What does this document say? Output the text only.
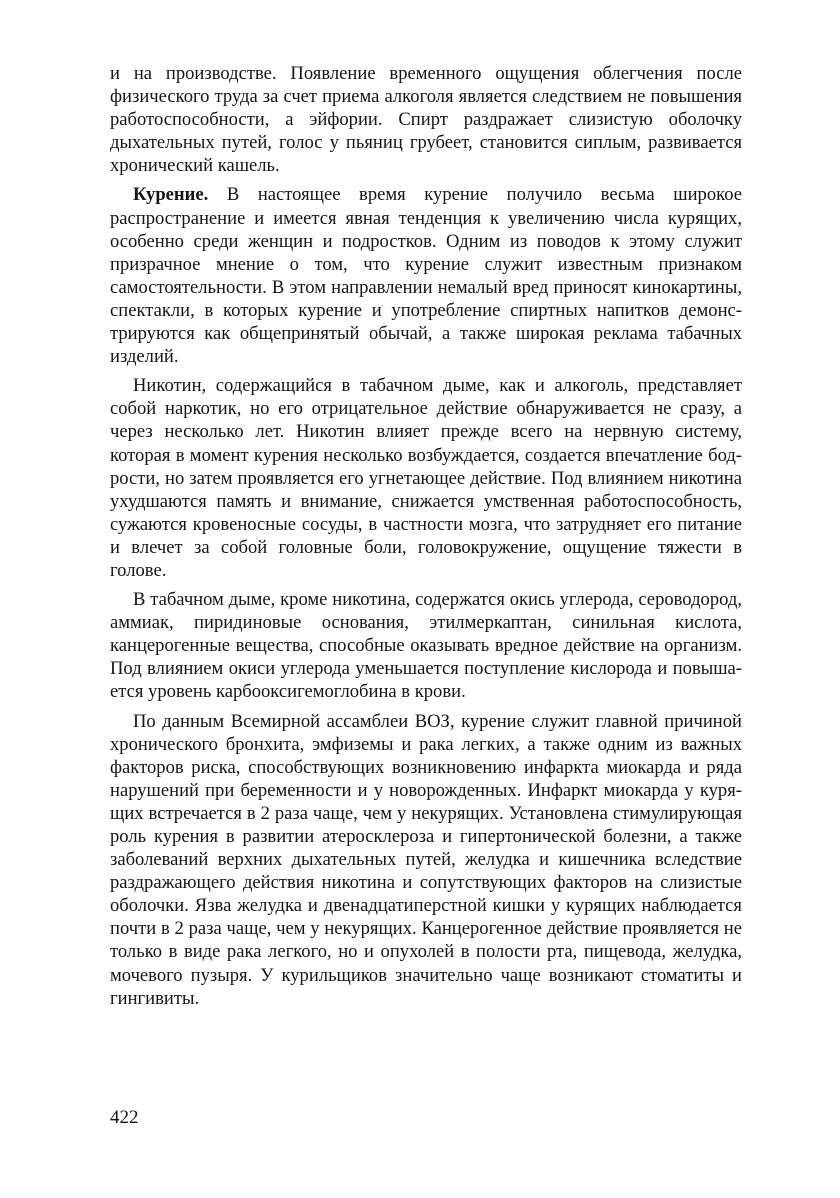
и на производстве. Появление временного ощущения облегчения после физического труда за счет приема алкоголя является следствием не повышения работоспособности, а эйфории. Спирт раздражает слизистую оболочку дыхательных путей, голос у пьяниц грубеет, становится сиплым, развивается хронический кашель.

Курение. В настоящее время курение получило весьма широкое распространение и имеется явная тенденция к увеличению числа курящих, особенно среди женщин и подростков. Одним из поводов к этому служит призрачное мнение о том, что курение служит известным признаком самостоятельности. В этом направлении немалый вред приносят кинокартины, спектакли, в которых курение и употребление спиртных напитков демонстрируются как общепринятый обычай, а также широкая реклама табачных изделий.

Никотин, содержащийся в табачном дыме, как и алкоголь, представляет собой наркотик, но его отрицательное действие обнаруживается не сразу, а через несколько лет. Никотин влияет прежде всего на нервную систему, которая в момент курения несколько возбуждается, создается впечатление бодрости, но затем проявляется его угнетающее действие. Под влиянием никотина ухудшаются память и внимание, снижается умственная работоспособность, сужаются кровеносные сосуды, в частности мозга, что затрудняет его питание и влечет за собой головные боли, головокружение, ощущение тяжести в голове.

В табачном дыме, кроме никотина, содержатся окись углерода, сероводород, аммиак, пиридиновые основания, этилмеркаптан, синильная кислота, канцерогенные вещества, способные оказывать вредное действие на организм. Под влиянием окиси углерода уменьшается поступление кислорода и повышается уровень карбооксигемоглобина в крови.

По данным Всемирной ассамблеи ВОЗ, курение служит главной причиной хронического бронхита, эмфиземы и рака легких, а также одним из важных факторов риска, способствующих возникновению инфаркта миокарда и ряда нарушений при беременности и у новорожденных. Инфаркт миокарда у курящих встречается в 2 раза чаще, чем у некурящих. Установлена стимулирующая роль курения в развитии атеросклероза и гипертонической болезни, а также заболеваний верхних дыхательных путей, желудка и кишечника вследствие раздражающего действия никотина и сопутствующих факторов на слизистые оболочки. Язва желудка и двенадцатиперстной кишки у курящих наблюдается почти в 2 раза чаще, чем у некурящих. Канцерогенное действие проявляется не только в виде рака легкого, но и опухолей в полости рта, пищевода, желудка, мочевого пузыря. У курильщиков значительно чаще возникают стоматиты и гингивиты.

422
